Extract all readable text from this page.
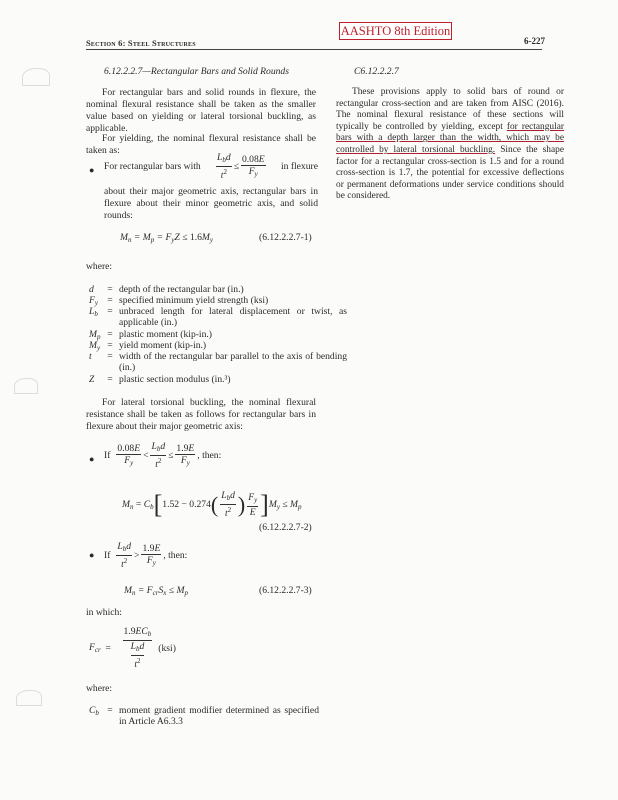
AASHTO 8th Edition
Section 6: Steel Structures	6-227
6.12.2.2.7—Rectangular Bars and Solid Rounds
For rectangular bars and solid rounds in flexure, the nominal flexural resistance shall be taken as the smaller value based on yielding or lateral torsional buckling, as applicable.
For yielding, the nominal flexural resistance shall be taken as:
● For rectangular bars with $\frac{L_bd}{t^2} \le \frac{0.08E}{F_y}$ in flexure
about their major geometric axis, rectangular bars in flexure about their minor geometric axis, and solid rounds:
$M_n = M_p = F_yZ \le 1.6M_y$	(6.12.2.2.7-1)
where:
d	= depth of the rectangular bar (in.)
$F_y$ = specified minimum yield strength (ksi)
$L_b$ = unbraced length for lateral displacement or twist, as applicable (in.)
$M_p$ = plastic moment (kip-in.)
$M_y$ = yield moment (kip-in.)
t	= width of the rectangular bar parallel to the axis of bending (in.)
Z	= plastic section modulus (in.³)
For lateral torsional buckling, the nominal flexural resistance shall be taken as follows for rectangular bars in flexure about their major geometric axis:
● If $\frac{0.08E}{F_y} < \frac{L_bd}{t^2} \le \frac{1.9E}{F_y}$ , then:
$M_n = C_b$ [ 1.52 − 0.274 ( $\frac{L_bd}{t^2}$ ) $\frac{F_y}{E}$ ] $M_y \le M_p$
(6.12.2.2.7-2)
● If $\frac{L_bd}{t^2} > \frac{1.9E}{F_y}$ , then:
$M_n = F_{cr}S_x \le M_p$	(6.12.2.2.7-3)
in which:
$F_{cr} = 1.9EC_b$
$L_bd$
$t^2$ (ksi)
where:
$C_b$ = moment gradient modifier determined as specified in Article A6.3.3
C6.12.2.2.7
These provisions apply to solid bars of round or rectangular cross-section and are taken from AISC (2016). The nominal flexural resistance of these sections will typically be controlled by yielding, except for rectangular bars with a depth larger than the width, which may be controlled by lateral torsional buckling. Since the shape factor for a rectangular cross-section is 1.5 and for a round cross-section is 1.7, the potential for excessive deflections or permanent deformations under service conditions should be considered.
